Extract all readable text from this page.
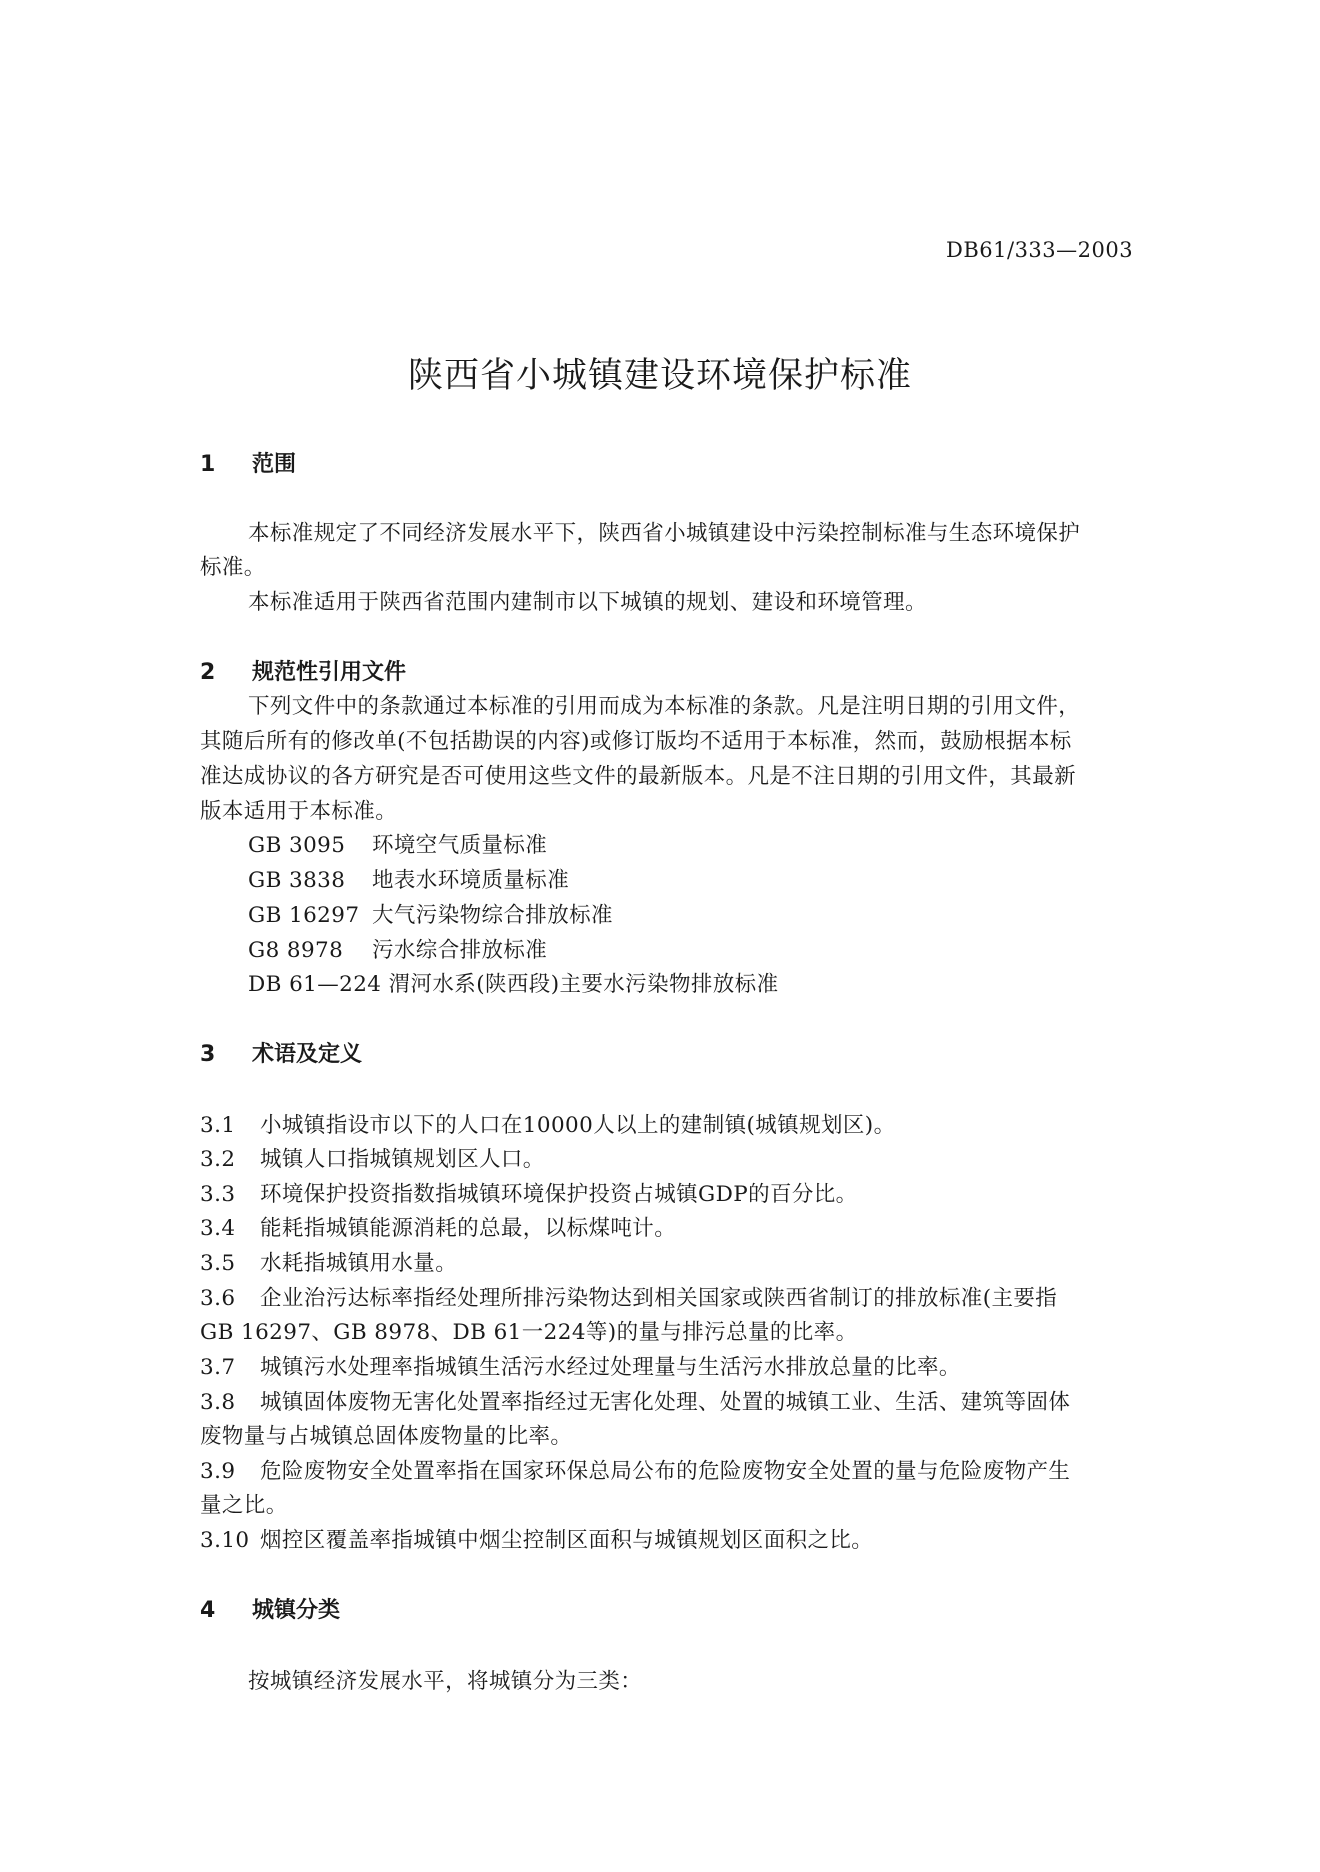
DB61/333—2003
陕西省小城镇建设环境保护标准
1 范围
本标准规定了不同经济发展水平下，陕西省小城镇建设中污染控制标准与生态环境保护
标准。
本标准适用于陕西省范围内建制市以下城镇的规划、建设和环境管理。
2 规范性引用文件
下列文件中的条款通过本标准的引用而成为本标准的条款。凡是注明日期的引用文件，
其随后所有的修改单(不包括勘误的内容)或修订版均不适用于本标准，然而，鼓励根据本标
准达成协议的各方研究是否可使用这些文件的最新版本。凡是不注日期的引用文件，其最新
版本适用于本标准。
GB 3095 环境空气质量标准
GB 3838 地表水环境质量标准
GB 16297 大气污染物综合排放标准
G8 8978 污水综合排放标准
DB 61—224 渭河水系(陕西段)主要水污染物排放标准
3 术语及定义
3.1 小城镇指设市以下的人口在10000人以上的建制镇(城镇规划区)。
3.2 城镇人口指城镇规划区人口。
3.3 环境保护投资指数指城镇环境保护投资占城镇GDP的百分比。
3.4 能耗指城镇能源消耗的总最，以标煤吨计。
3.5 水耗指城镇用水量。
3.6 企业治污达标率指经处理所排污染物达到相关国家或陕西省制订的排放标准(主要指
GB 16297、GB 8978、DB 61一224等)的量与排污总量的比率。
3.7 城镇污水处理率指城镇生活污水经过处理量与生活污水排放总量的比率。
3.8 城镇固体废物无害化处置率指经过无害化处理、处置的城镇工业、生活、建筑等固体
废物量与占城镇总固体废物量的比率。
3.9 危险废物安全处置率指在国家环保总局公布的危险废物安全处置的量与危险废物产生
量之比。
3.10 烟控区覆盖率指城镇中烟尘控制区面积与城镇规划区面积之比。
4 城镇分类
按城镇经济发展水平，将城镇分为三类：
